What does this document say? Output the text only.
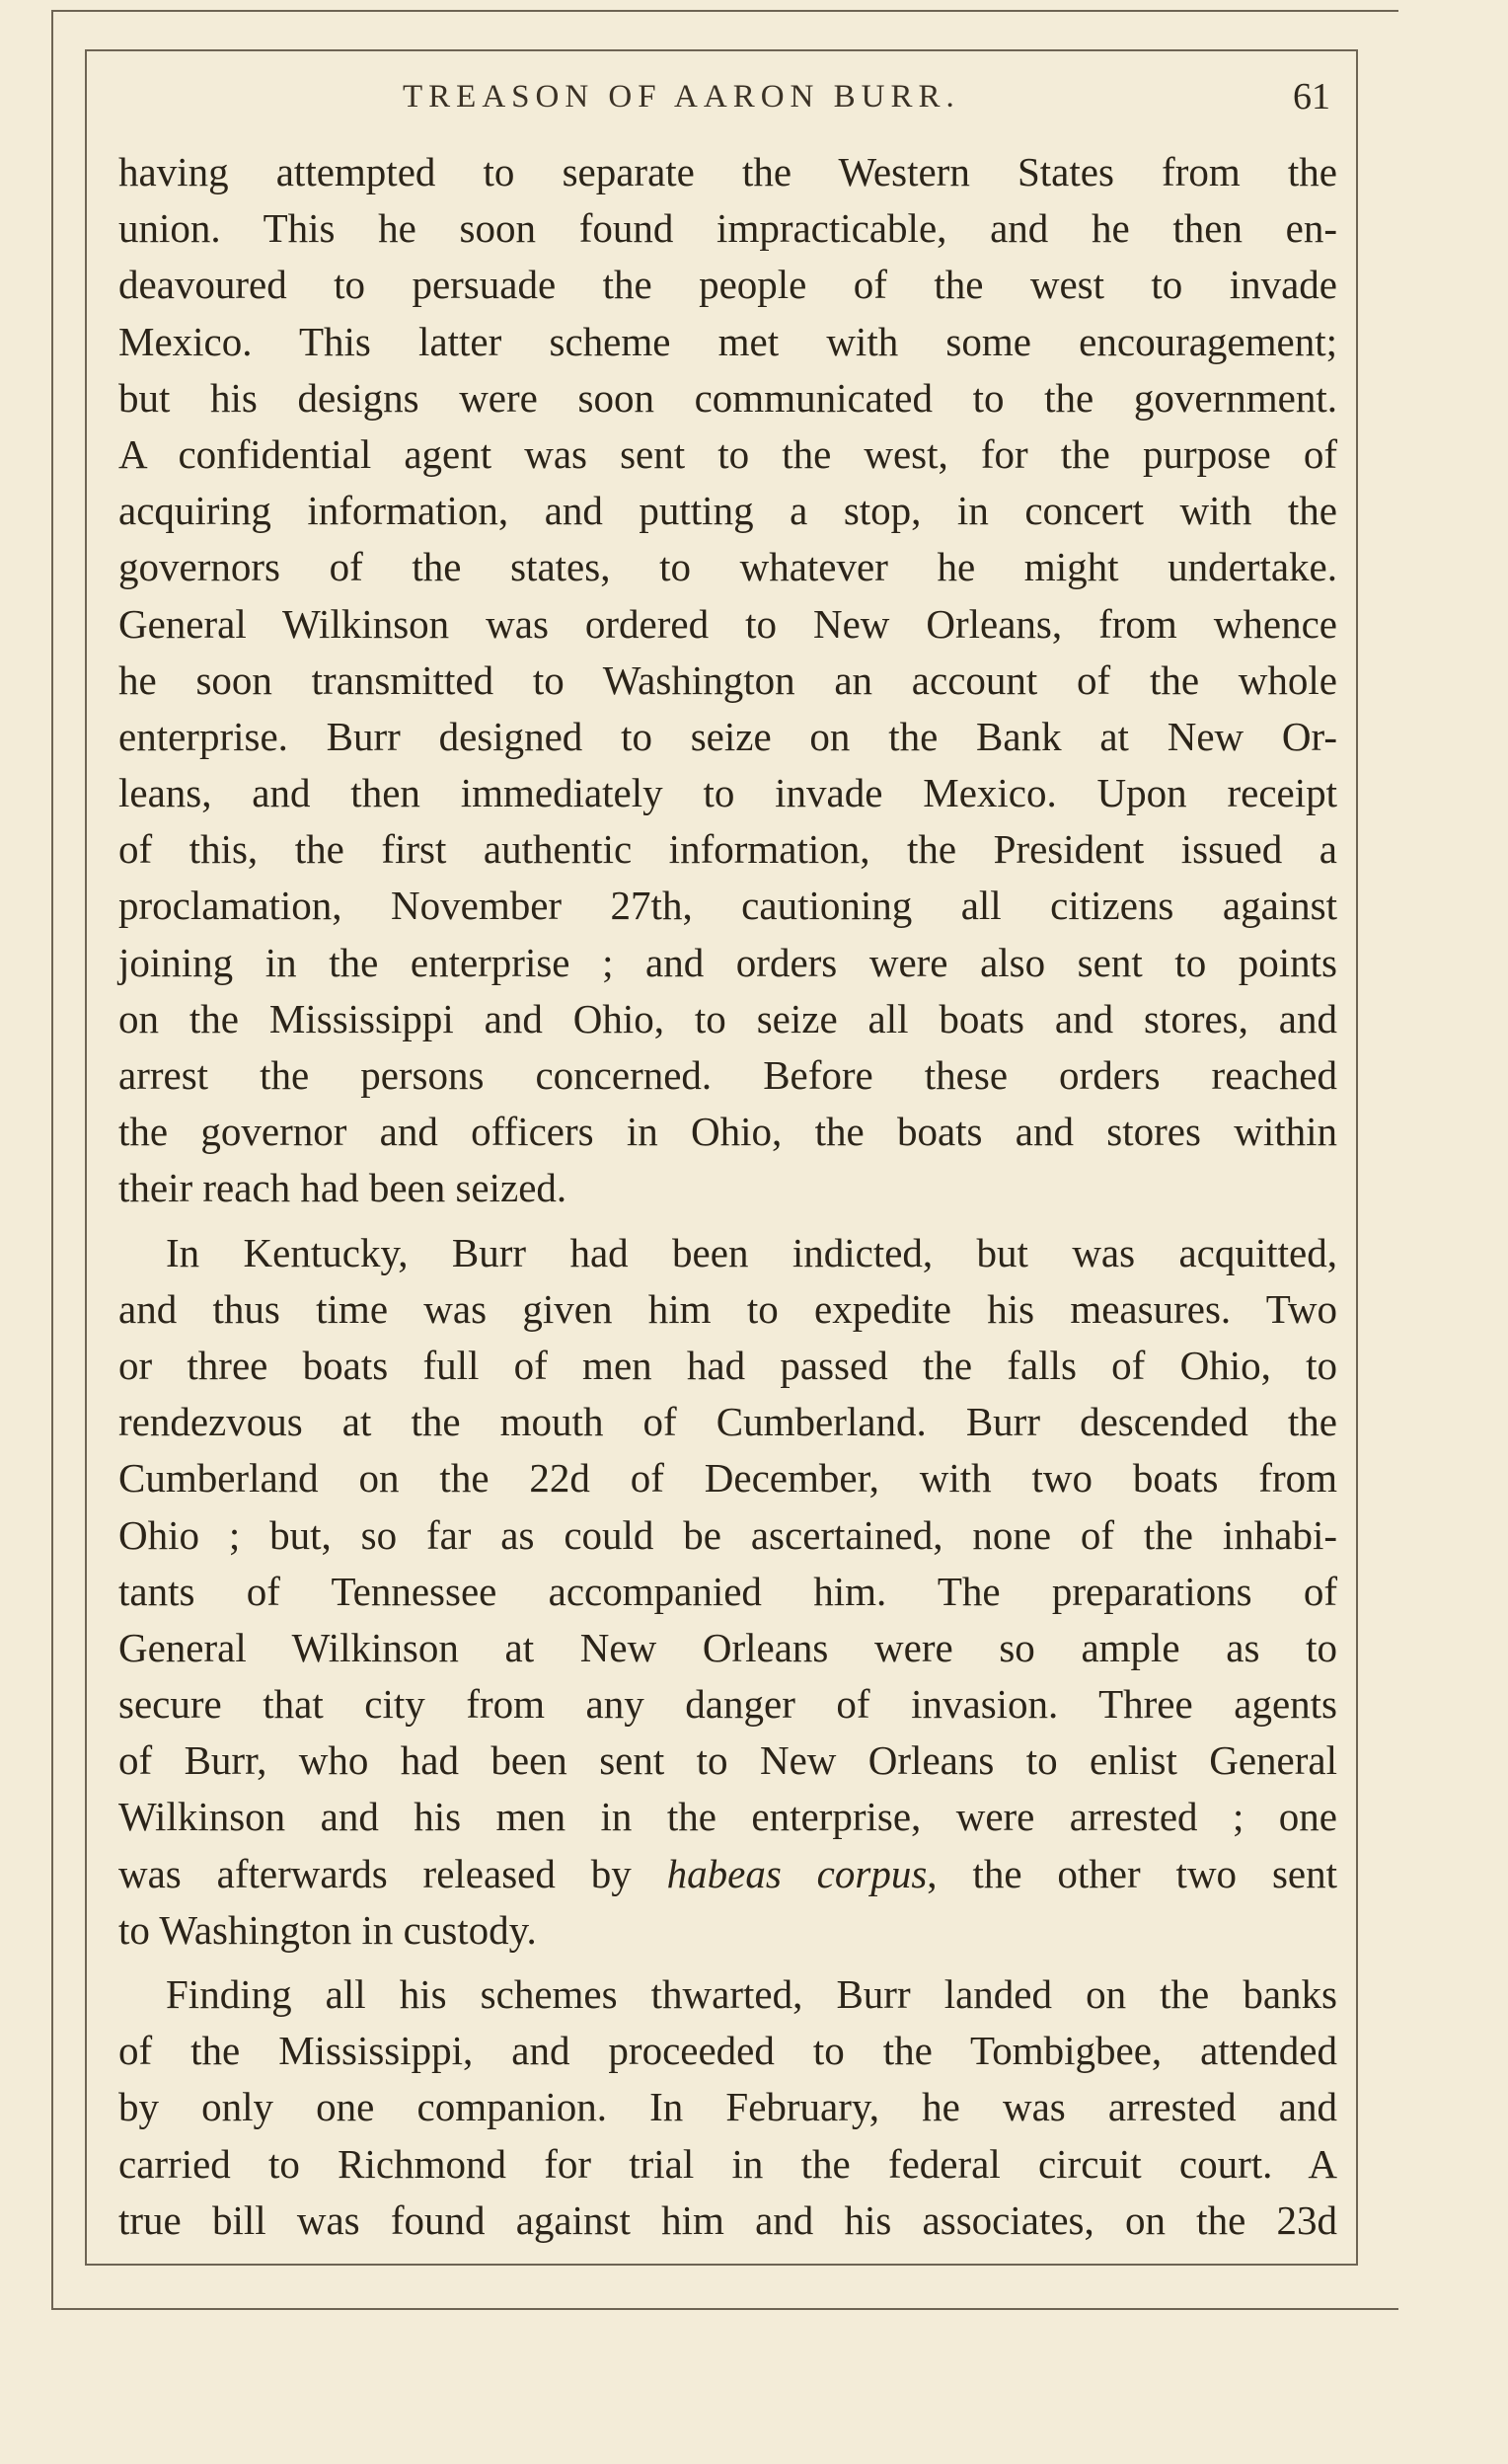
TREASON OF AARON BURR.	61
having attempted to separate the Western States from the
union. This he soon found impracticable, and he then en-
deavoured to persuade the people of the west to invade
Mexico. This latter scheme met with some encouragement;
but his designs were soon communicated to the government.
A confidential agent was sent to the west, for the purpose of
acquiring information, and putting a stop, in concert with the
governors of the states, to whatever he might undertake.
General Wilkinson was ordered to New Orleans, from whence
he soon transmitted to Washington an account of the whole
enterprise. Burr designed to seize on the Bank at New Or-
leans, and then immediately to invade Mexico. Upon receipt
of this, the first authentic information, the President issued a
proclamation, November 27th, cautioning all citizens against
joining in the enterprise ; and orders were also sent to points
on the Mississippi and Ohio, to seize all boats and stores, and
arrest the persons concerned. Before these orders reached
the governor and officers in Ohio, the boats and stores within
their reach had been seized.
In Kentucky, Burr had been indicted, but was acquitted,
and thus time was given him to expedite his measures. Two
or three boats full of men had passed the falls of Ohio, to
rendezvous at the mouth of Cumberland. Burr descended the
Cumberland on the 22d of December, with two boats from
Ohio ; but, so far as could be ascertained, none of the inhabi-
tants of Tennessee accompanied him. The preparations of
General Wilkinson at New Orleans were so ample as to
secure that city from any danger of invasion. Three agents
of Burr, who had been sent to New Orleans to enlist General
Wilkinson and his men in the enterprise, were arrested ; one
was afterwards released by habeas corpus, the other two sent
to Washington in custody.
Finding all his schemes thwarted, Burr landed on the banks
of the Mississippi, and proceeded to the Tombigbee, attended
by only one companion. In February, he was arrested and
carried to Richmond for trial in the federal circuit court. A
true bill was found against him and his associates, on the 23d
